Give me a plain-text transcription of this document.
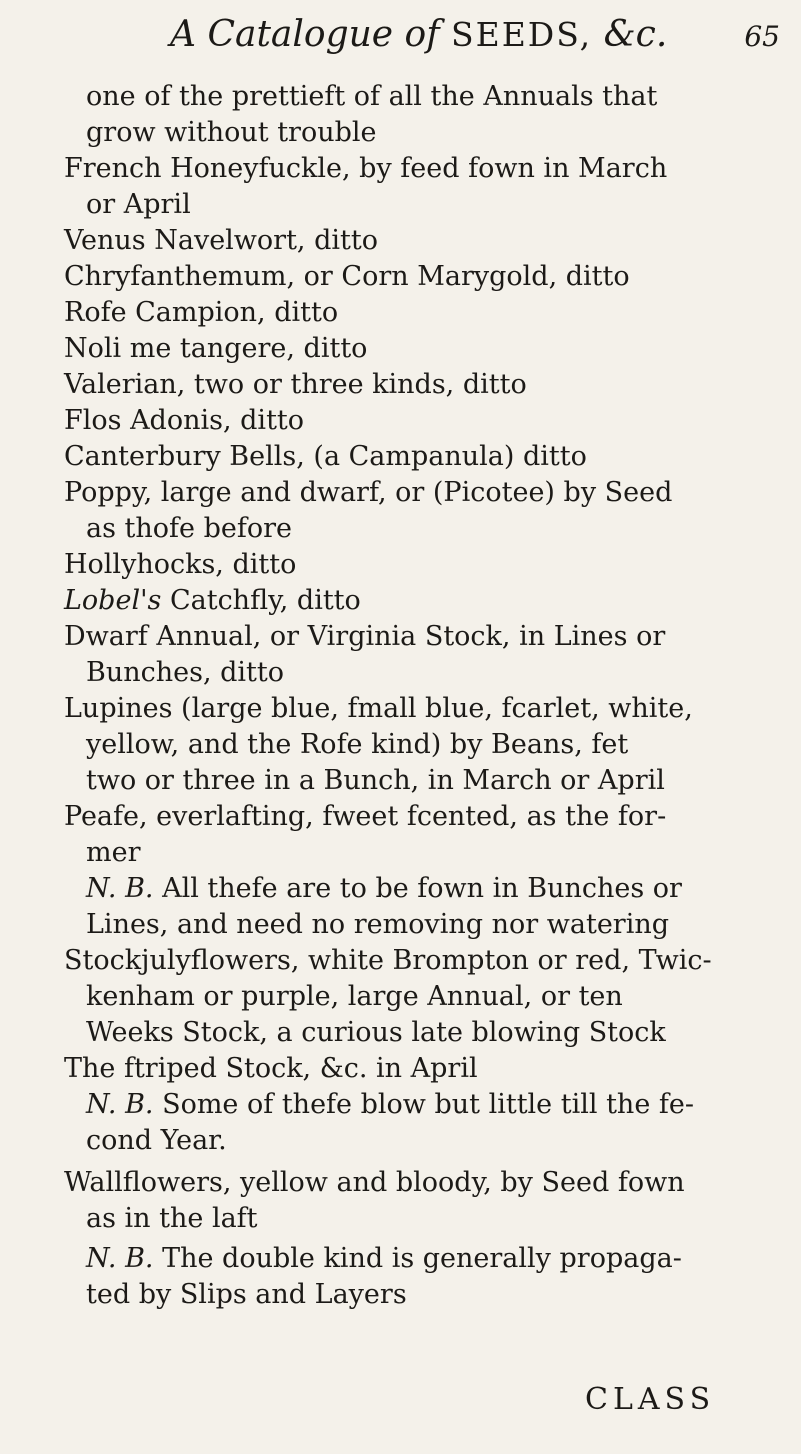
A Catalogue of SEEDS, &c.	65
one of the prettieft of all the Annuals that
grow without trouble
French Honeyfuckle, by feed fown in March
or April
Venus Navelwort, ditto
Chryfanthemum, or Corn Marygold, ditto
Rofe Campion, ditto
Noli me tangere, ditto
Valerian, two or three kinds, ditto
Flos Adonis, ditto
Canterbury Bells, (a Campanula) ditto
Poppy, large and dwarf, or (Picotee) by Seed
as thofe before
Hollyhocks, ditto
Lobel's Catchfly, ditto
Dwarf Annual, or Virginia Stock, in Lines or
Bunches, ditto
Lupines (large blue, fmall blue, fcarlet, white,
yellow, and the Rofe kind) by Beans, fet
two or three in a Bunch, in March or April
Peafe, everlafting, fweet fcented, as the for-
mer
N. B. All thefe are to be fown in Bunches or
Lines, and need no removing nor watering
Stockjulyflowers, white Brompton or red, Twic-
kenham or purple, large Annual, or ten
Weeks Stock, a curious late blowing Stock
The ftriped Stock, &c. in April
N. B. Some of thefe blow but little till the fe-
cond Year.
Wallflowers, yellow and bloody, by Seed fown
as in the laft
N. B. The double kind is generally propaga-
ted by Slips and Layers
CLASS
